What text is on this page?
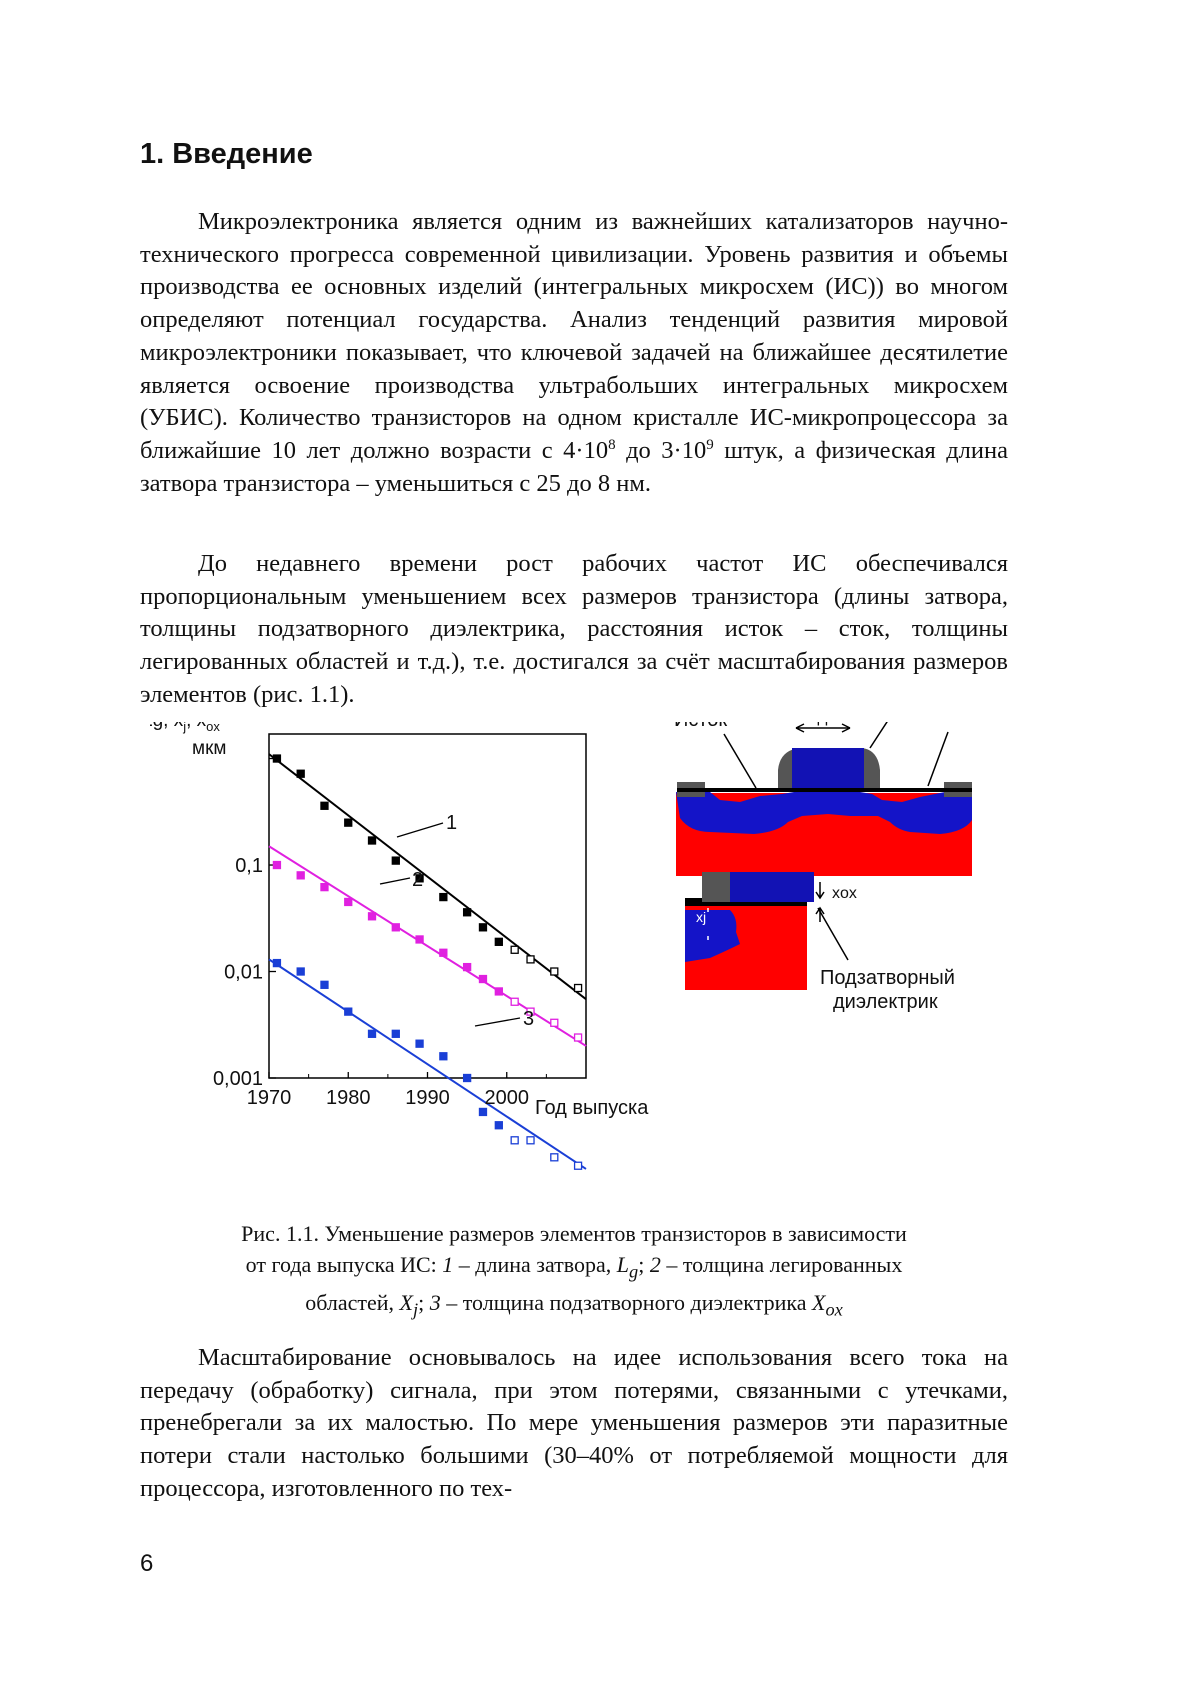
1. Введение

Микроэлектроника является одним из важнейших катализаторов научно-технического прогресса современной цивилизации. Уровень развития и объемы производства ее основных изделий (интегральных микросхем (ИС)) во многом определяют потенциал государства. Анализ тенденций развития мировой микроэлектроники показывает, что ключевой задачей на ближайшее десятилетие является освоение производства ультрабольших интегральных микросхем (УБИС). Количество транзисторов на одном кристалле ИС-микропроцессора за ближайшие 10 лет должно возрасти с $4\cdot 10^8$ до $3\cdot 10^9$ штук, а физическая длина затвора транзистора – уменьшиться с 25 до 8 нм.

До недавнего времени рост рабочих частот ИС обеспечивался пропорциональным уменьшением всех размеров транзистора (длины затвора, толщины подзатворного диэлектрика, расстояния исток – сток, толщины легированных областей и т.д.), т.е. достигался за счёт масштабирования размеров элементов (рис. 1.1).

1970 1980 1990 2000
0,1
0,01
0,001
$_j$ $_{ox}$
мкм
Год выпуска
1
2
3
xj
xox
Подзатворный
диэлектрик
Рис. 1.1. Уменьшение размеров элементов транзисторов в зависимости
от года выпуска ИС: 1 – длина затвора, $L_g$; 2 – толщина легированных
областей, $X_j$; 3 – толщина подзатворного диэлектрика $X_{ox}$

Масштабирование основывалось на идее использования всего тока на передачу (обработку) сигнала, при этом потерями, связанными с утечками, пренебрегали за их малостью. По мере уменьшения размеров эти паразитные потери стали настолько большими (30–40% от потребляемой мощности для процессора, изготовленного по тех-

6
